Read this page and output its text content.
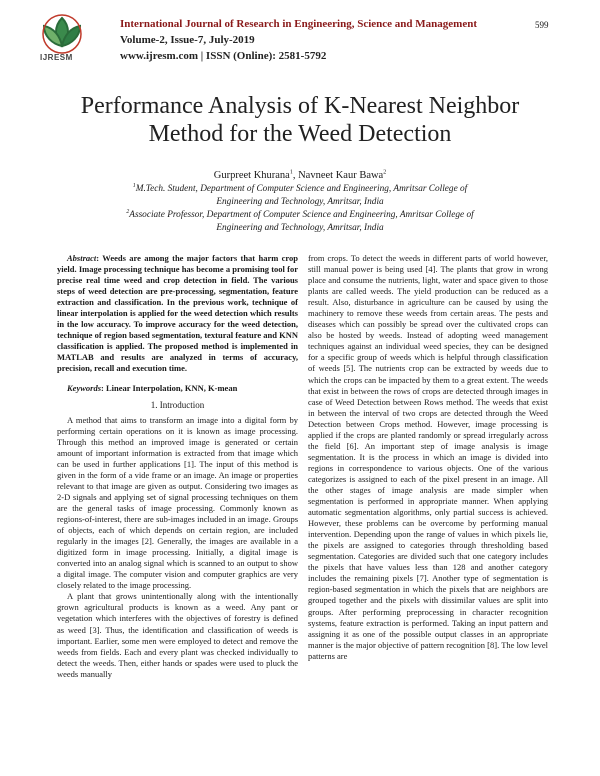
599
IJRESM
International Journal of Research in Engineering, Science and Management
Volume-2, Issue-7, July-2019
www.ijresm.com | ISSN (Online): 2581-5792
Performance Analysis of K-Nearest Neighbor
Method for the Weed Detection
Gurpreet Khurana$^1$, Navneet Kaur Bawa$^2$
$^1$M.Tech. Student, Department of Computer Science and Engineering, Amritsar College of Engineering and Technology, Amritsar, India
$^2$Associate Professor, Department of Computer Science and Engineering, Amritsar College of Engineering and Technology, Amritsar, India

Abstract: Weeds are among the major factors that harm crop yield. Image processing technique has become a promising tool for precise real time weed and crop detection in field. The various steps of weed detection are pre-processing, segmentation, feature extraction and classification. In the previous work, technique of linear interpolation is applied for the weed detection which results in the low accuracy. To improve accuracy for the weed detection, technique of region based segmentation, textural feature and KNN classification is applied. The proposed method is implemented in MATLAB and results are analyzed in terms of accuracy, precision, recall and execution time.

Keywords: Linear Interpolation, KNN, K-mean

1. Introduction

A method that aims to transform an image into a digital form by performing certain operations on it is known as image processing. Through this method an improved image is generated or certain amount of important information is extracted from that image which can be used in further applications [1]. The input of this method is given in the form of a vide frame or an image. An image or properties relevant to that image are given as output. Considering two images as 2-D signals and applying set of signal processing techniques on them are the general tasks of image processing. Commonly known as regions-of-interest, there are sub-images included in an image. Groups of objects, each of which depends on certain region, are included regularly in the images [2]. Generally, the images are available in a digitized form in image processing. Initially, a digital image is converted into an analog signal which is scanned to an output to show a digital image. The computer vision and computer graphics are very closely related to the image processing.

A plant that grows unintentionally along with the intentionally grown agricultural products is known as a weed. Any pant or vegetation which interferes with the objectives of forestry is defined as weed [3]. Thus, the identification and classification of weeds is important. Earlier, some men were employed to detect and remove the weeds from fields. Each and every plant was checked individually to detect the weeds. Then, either hands or spades were used to pluck the weeds manually

from crops. To detect the weeds in different parts of world however, still manual power is being used [4]. The plants that grow in wrong place and consume the nutrients, light, water and space given to those plants are called weeds. The yield production can be reduced as a result. Also, disturbance in agriculture can be caused by using the machinery to remove these weeds from certain areas. The pests and diseases which can possibly be spread over the cultivated crops can also be hosted by weeds. Instead of adopting weed management techniques against an individual weed species, they can be designed for a specific group of weeds which is helpful through classification of weeds [5]. The nutrients crop can be extracted by weeds due to which the crops can be impacted by them to a great extent. The weeds that exist in between the rows of crops are detected through images in case of Weed Detection between Rows method. The weeds that exist in between the interval of two crops are detected through the Weed Detection between Crops method. However, image processing is applied if the crops are planted randomly or spread irregularly across the field [6]. An important step of image analysis is image segmentation. It is the process in which an image is divided into regions in correspondence to various objects. One of the various categorizes is assigned to each of the pixel present in an image. All the other stages of image analysis are made simpler when segmentation is performed in appropriate manner. When applying automatic segmentation algorithms, only partial success is achieved. However, these problems can be overcome by performing manual intervention. Depending upon the range of values in which pixels lie, the pixels are assigned to categories through thresholding based segmentation. Categories are divided such that one category includes the pixels that have values less than 128 and another category includes the remaining pixels [7]. Another type of segmentation is region-based segmentation in which the pixels that are neighbors are grouped together and the pixels with dissimilar values are split into groups. After performing preprocessing in character recognition systems, feature extraction is performed. Taking an input pattern and assigning it as one of the possible output classes in an appropriate manner is the major objective of pattern recognition [8]. The low level patterns are
